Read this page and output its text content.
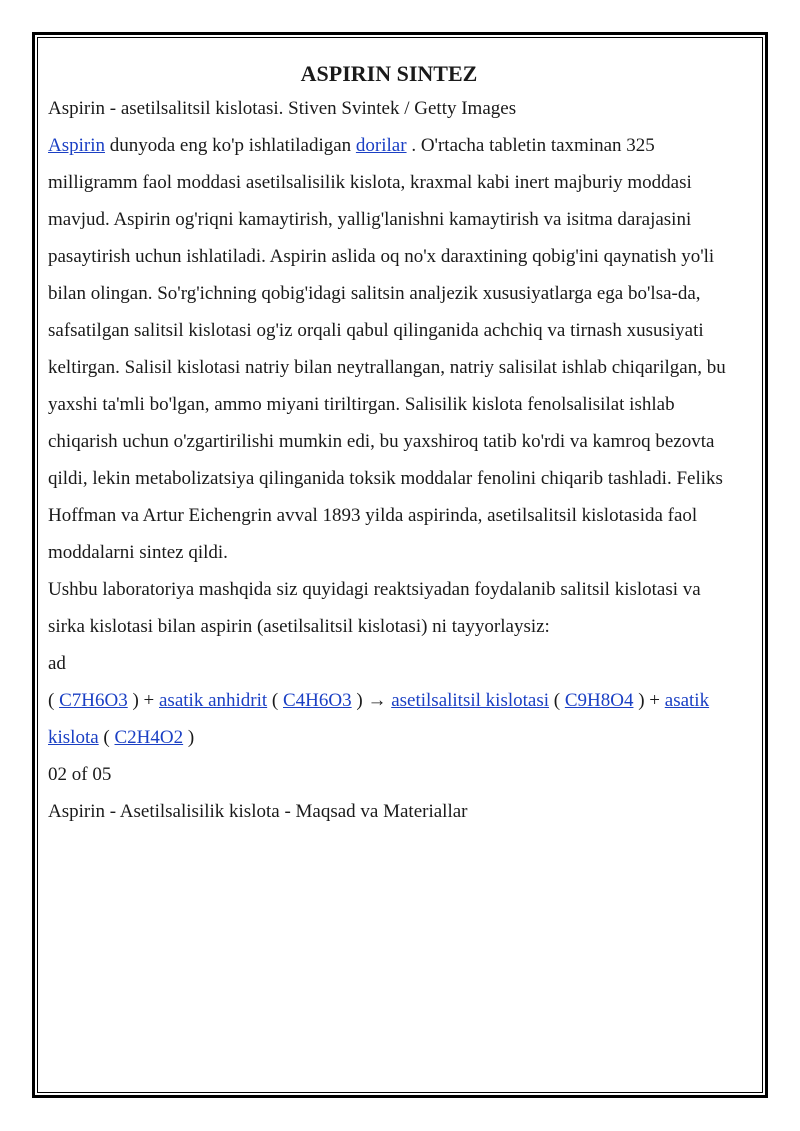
ASPIRIN SINTEZ

Aspirin - asetilsalitsil kislotasi. Stiven Svintek / Getty Images

Aspirin dunyoda eng ko'p ishlatiladigan dorilar . O'rtacha tabletin taxminan 325 milligramm faol moddasi asetilsalisilik kislota, kraxmal kabi inert majburiy moddasi mavjud. Aspirin og'riqni kamaytirish, yallig'lanishni kamaytirish va isitma darajasini pasaytirish uchun ishlatiladi. Aspirin aslida oq no'x daraxtining qobig'ini qaynatish yo'li bilan olingan. So'rg'ichning qobig'idagi salitsin analjezik xususiyatlarga ega bo'lsa-da, safsatilgan salitsil kislotasi og'iz orqali qabul qilinganida achchiq va tirnash xususiyati keltirgan. Salisil kislotasi natriy bilan neytrallangan, natriy salisilat ishlab chiqarilgan, bu yaxshi ta'mli bo'lgan, ammo miyani tiriltirgan. Salisilik kislota fenolsalisilat ishlab chiqarish uchun o'zgartirilishi mumkin edi, bu yaxshiroq tatib ko'rdi va kamroq bezovta qildi, lekin metabolizatsiya qilinganida toksik moddalar fenolini chiqarib tashladi. Feliks Hoffman va Artur Eichengrin avval 1893 yilda aspirinda, asetilsalitsil kislotasida faol moddalarni sintez qildi.

Ushbu laboratoriya mashqida siz quyidagi reaktsiyadan foydalanib salitsil kislotasi va sirka kislotasi bilan aspirin (asetilsalitsil kislotasi) ni tayyorlaysiz:

ad

( C7H6O3 ) + asatik anhidrit ( C4H6O3 ) → asetilsalitsil kislotasi ( C9H8O4 ) + asatik kislota ( C2H4O2 )

02 of 05

Aspirin - Asetilsalisilik kislota - Maqsad va Materiallar
